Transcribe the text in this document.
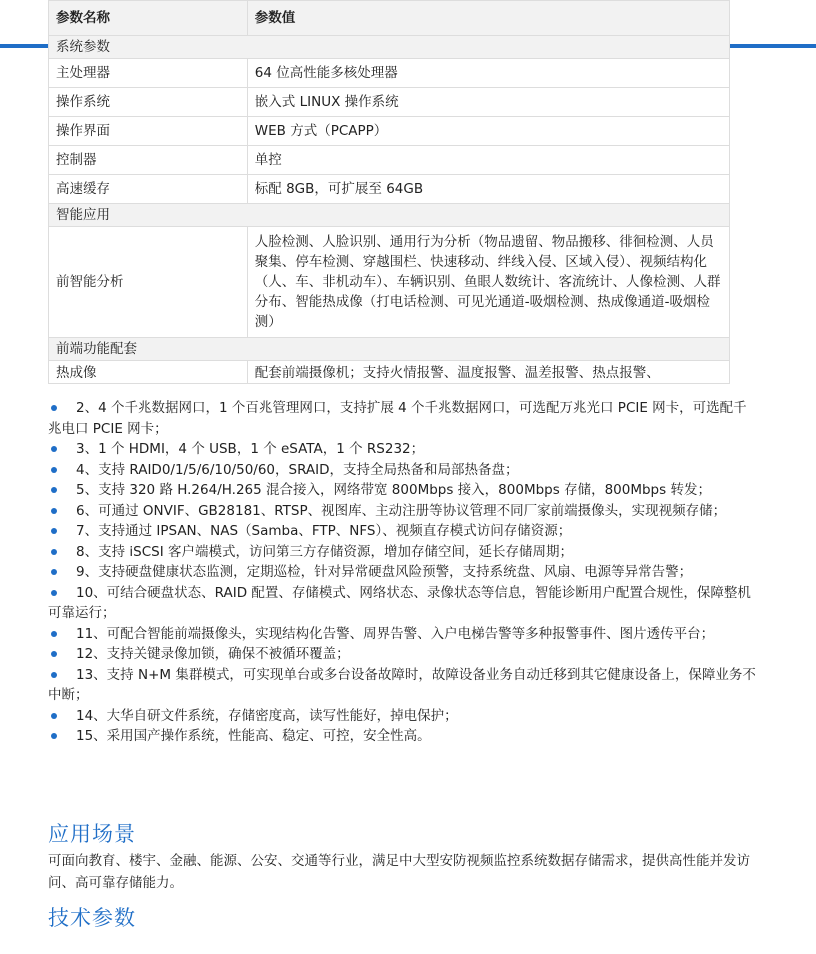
参数名称	参数值
系统参数	
主处理器	64 位高性能多核处理器
操作系统	嵌入式 LINUX 操作系统
操作界面	WEB 方式（PCAPP）
控制器	单控
高速缓存	标配 8GB，可扩展至 64GB
智能应用	
前智能分析	人脸检测、人脸识别、通用行为分析（物品遗留、物品搬移、徘徊检测、人员聚集、停车检测、穿越围栏、快速移动、绊线入侵、区域入侵）、视频结构化（人、车、非机动车）、车辆识别、鱼眼人数统计、客流统计、人像检测、人群分布、智能热成像（打电话检测、可见光通道-吸烟检测、热成像通道-吸烟检测）
前端功能配套	
热成像	配套前端摄像机；支持火情报警、温度报警、温差报警、热点报警、
2、4 个千兆数据网口，1 个百兆管理网口，支持扩展 4 个千兆数据网口，可选配万兆光口 PCIE 网卡，可选配千兆电口 PCIE 网卡；
3、1 个 HDMI，4 个 USB，1 个 eSATA，1 个 RS232；
4、支持 RAID0/1/5/6/10/50/60，SRAID，支持全局热备和局部热备盘；
5、支持 320 路 H.264/H.265 混合接入，网络带宽 800Mbps 接入，800Mbps 存储，800Mbps 转发；
6、可通过 ONVIF、GB28181、RTSP、视图库、主动注册等协议管理不同厂家前端摄像头，实现视频存储；
7、支持通过 IPSAN、NAS（Samba、FTP、NFS）、视频直存模式访问存储资源；
8、支持 iSCSI 客户端模式，访问第三方存储资源，增加存储空间，延长存储周期；
9、支持硬盘健康状态监测，定期巡检，针对异常硬盘风险预警，支持系统盘、风扇、电源等异常告警；
10、可结合硬盘状态、RAID 配置、存储模式、网络状态、录像状态等信息，智能诊断用户配置合规性，保障整机可靠运行；
11、可配合智能前端摄像头，实现结构化告警、周界告警、入户电梯告警等多种报警事件、图片透传平台；
12、支持关键录像加锁，确保不被循环覆盖；
13、支持 N+M 集群模式，可实现单台或多台设备故障时，故障设备业务自动迁移到其它健康设备上，保障业务不中断；
14、大华自研文件系统，存储密度高，读写性能好，掉电保护；
15、采用国产操作系统，性能高、稳定、可控，安全性高。
应用场景

可面向教育、楼宇、金融、能源、公安、交通等行业，满足中大型安防视频监控系统数据存储需求，提供高性能并发访问、高可靠存储能力。

技术参数
